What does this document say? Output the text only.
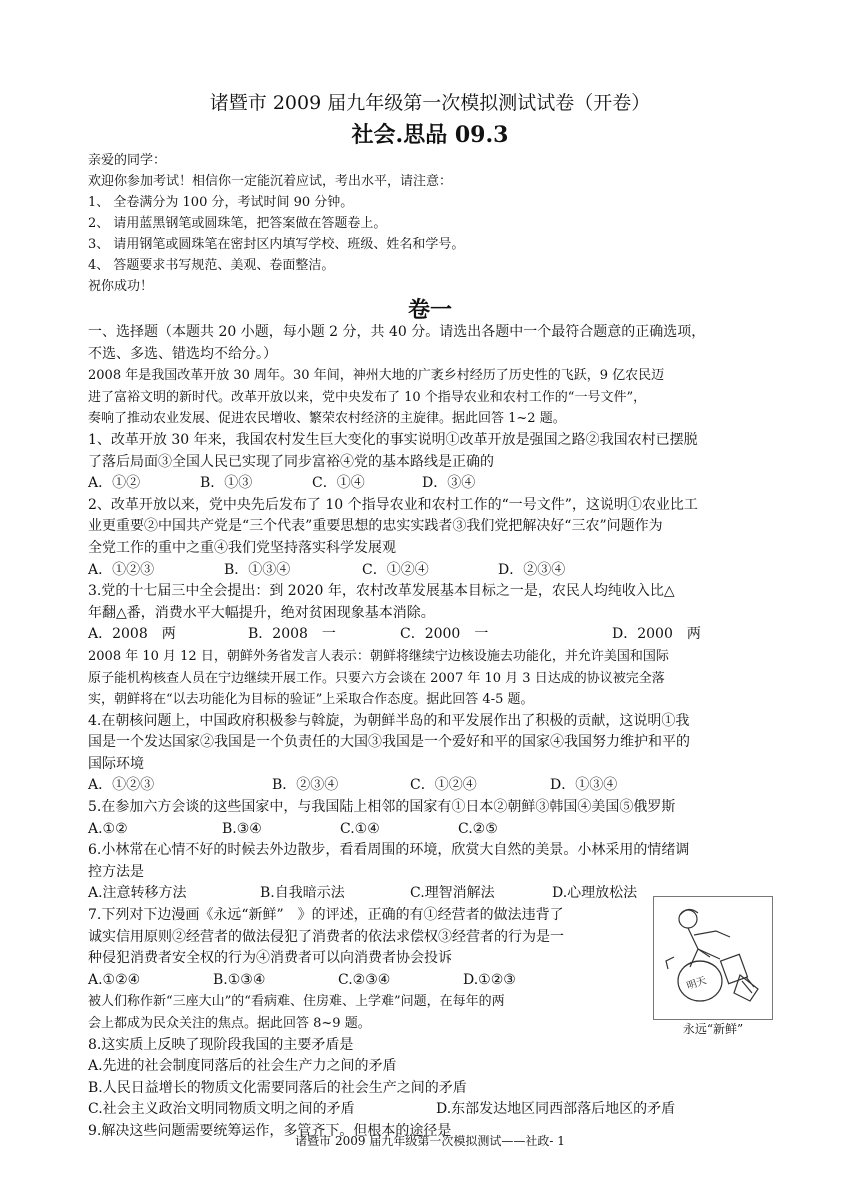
诸暨市 2009 届九年级第一次模拟测试试卷（开卷）
社会.思品 09.3
亲爱的同学：
欢迎你参加考试！相信你一定能沉着应试，考出水平，请注意：
1、 全卷满分为 100 分，考试时间 90 分钟。
2、 请用蓝黑钢笔或圆珠笔，把答案做在答题卷上。
3、 请用钢笔或圆珠笔在密封区内填写学校、班级、姓名和学号。
4、 答题要求书写规范、美观、卷面整洁。
祝你成功！
卷一
一、选择题（本题共 20 小题，每小题 2 分，共 40 分。请选出各题中一个最符合题意的正确选项，
不选、多选、错选均不给分。）
2008 年是我国改革开放 30 周年。30 年间，神州大地的广袤乡村经历了历史性的飞跃，9 亿农民迈
进了富裕文明的新时代。改革开放以来，党中央发布了 10 个指导农业和农村工作的“一号文件”，
奏响了推动农业发展、促进农民增收、繁荣农村经济的主旋律。据此回答 1~2 题。
1、改革开放 30 年来，我国农村发生巨大变化的事实说明①改革开放是强国之路②我国农村已摆脱
了落后局面③全国人民已实现了同步富裕④党的基本路线是正确的
A．①②	B．①③	C．①④	D．③④
2、改革开放以来，党中央先后发布了 10 个指导农业和农村工作的“一号文件”，这说明①农业比工
业更重要②中国共产党是“三个代表”重要思想的忠实实践者③我们党把解决好“三农”问题作为
全党工作的重中之重④我们党坚持落实科学发展观
A．①②③	B．①③④	C．①②④	D．②③④
3.党的十七届三中全会提出：到 2020 年，农村改革发展基本目标之一是，农民人均纯收入比△
年翻△番，消费水平大幅提升，绝对贫困现象基本消除。
A．2008　两	B．2008　一	C．2000　一	D．2000　两
2008 年 10 月 12 日，朝鲜外务省发言人表示：朝鲜将继续宁边核设施去功能化，并允许美国和国际
原子能机构核查人员在宁边继续开展工作。只要六方会谈在 2007 年 10 月 3 日达成的协议被完全落
实，朝鲜将在“以去功能化为目标的验证”上采取合作态度。据此回答 4-5 题。
4.在朝核问题上，中国政府积极参与斡旋，为朝鲜半岛的和平发展作出了积极的贡献，这说明①我
国是一个发达国家②我国是一个负责任的大国③我国是一个爱好和平的国家④我国努力维护和平的
国际环境
A．①②③	B．②③④	C．①②④	D．①③④
5.在参加六方会谈的这些国家中，与我国陆上相邻的国家有①日本②朝鲜③韩国④美国⑤俄罗斯
A.①②	B.③④	C.①④	C.②⑤
6.小林常在心情不好的时候去外边散步，看看周围的环境，欣赏大自然的美景。小林采用的情绪调
控方法是
A.注意转移方法	B.自我暗示法	C.理智消解法	D.心理放松法
7.下列对下边漫画《永远“新鲜”　》的评述，正确的有①经营者的做法违背了
诚实信用原则②经营者的做法侵犯了消费者的依法求偿权③经营者的行为是一
种侵犯消费者安全权的行为④消费者可以向消费者协会投诉
A.①②④	B.①③④	C.②③④	D.①②③
被人们称作新“三座大山”的“看病难、住房难、上学难”问题，在每年的两
会上都成为民众关注的焦点。据此回答 8~9 题。
8.这实质上反映了现阶段我国的主要矛盾是
A.先进的社会制度同落后的社会生产力之间的矛盾
B.人民日益增长的物质文化需要同落后的社会生产之间的矛盾
C.社会主义政治文明同物质文明之间的矛盾	D.东部发达地区同西部落后地区的矛盾
9.解决这些问题需要统筹运作，多管齐下。但根本的途径是
明天
永远“新鲜”
诸暨市 2009 届九年级第一次模拟测试——社政- 1
